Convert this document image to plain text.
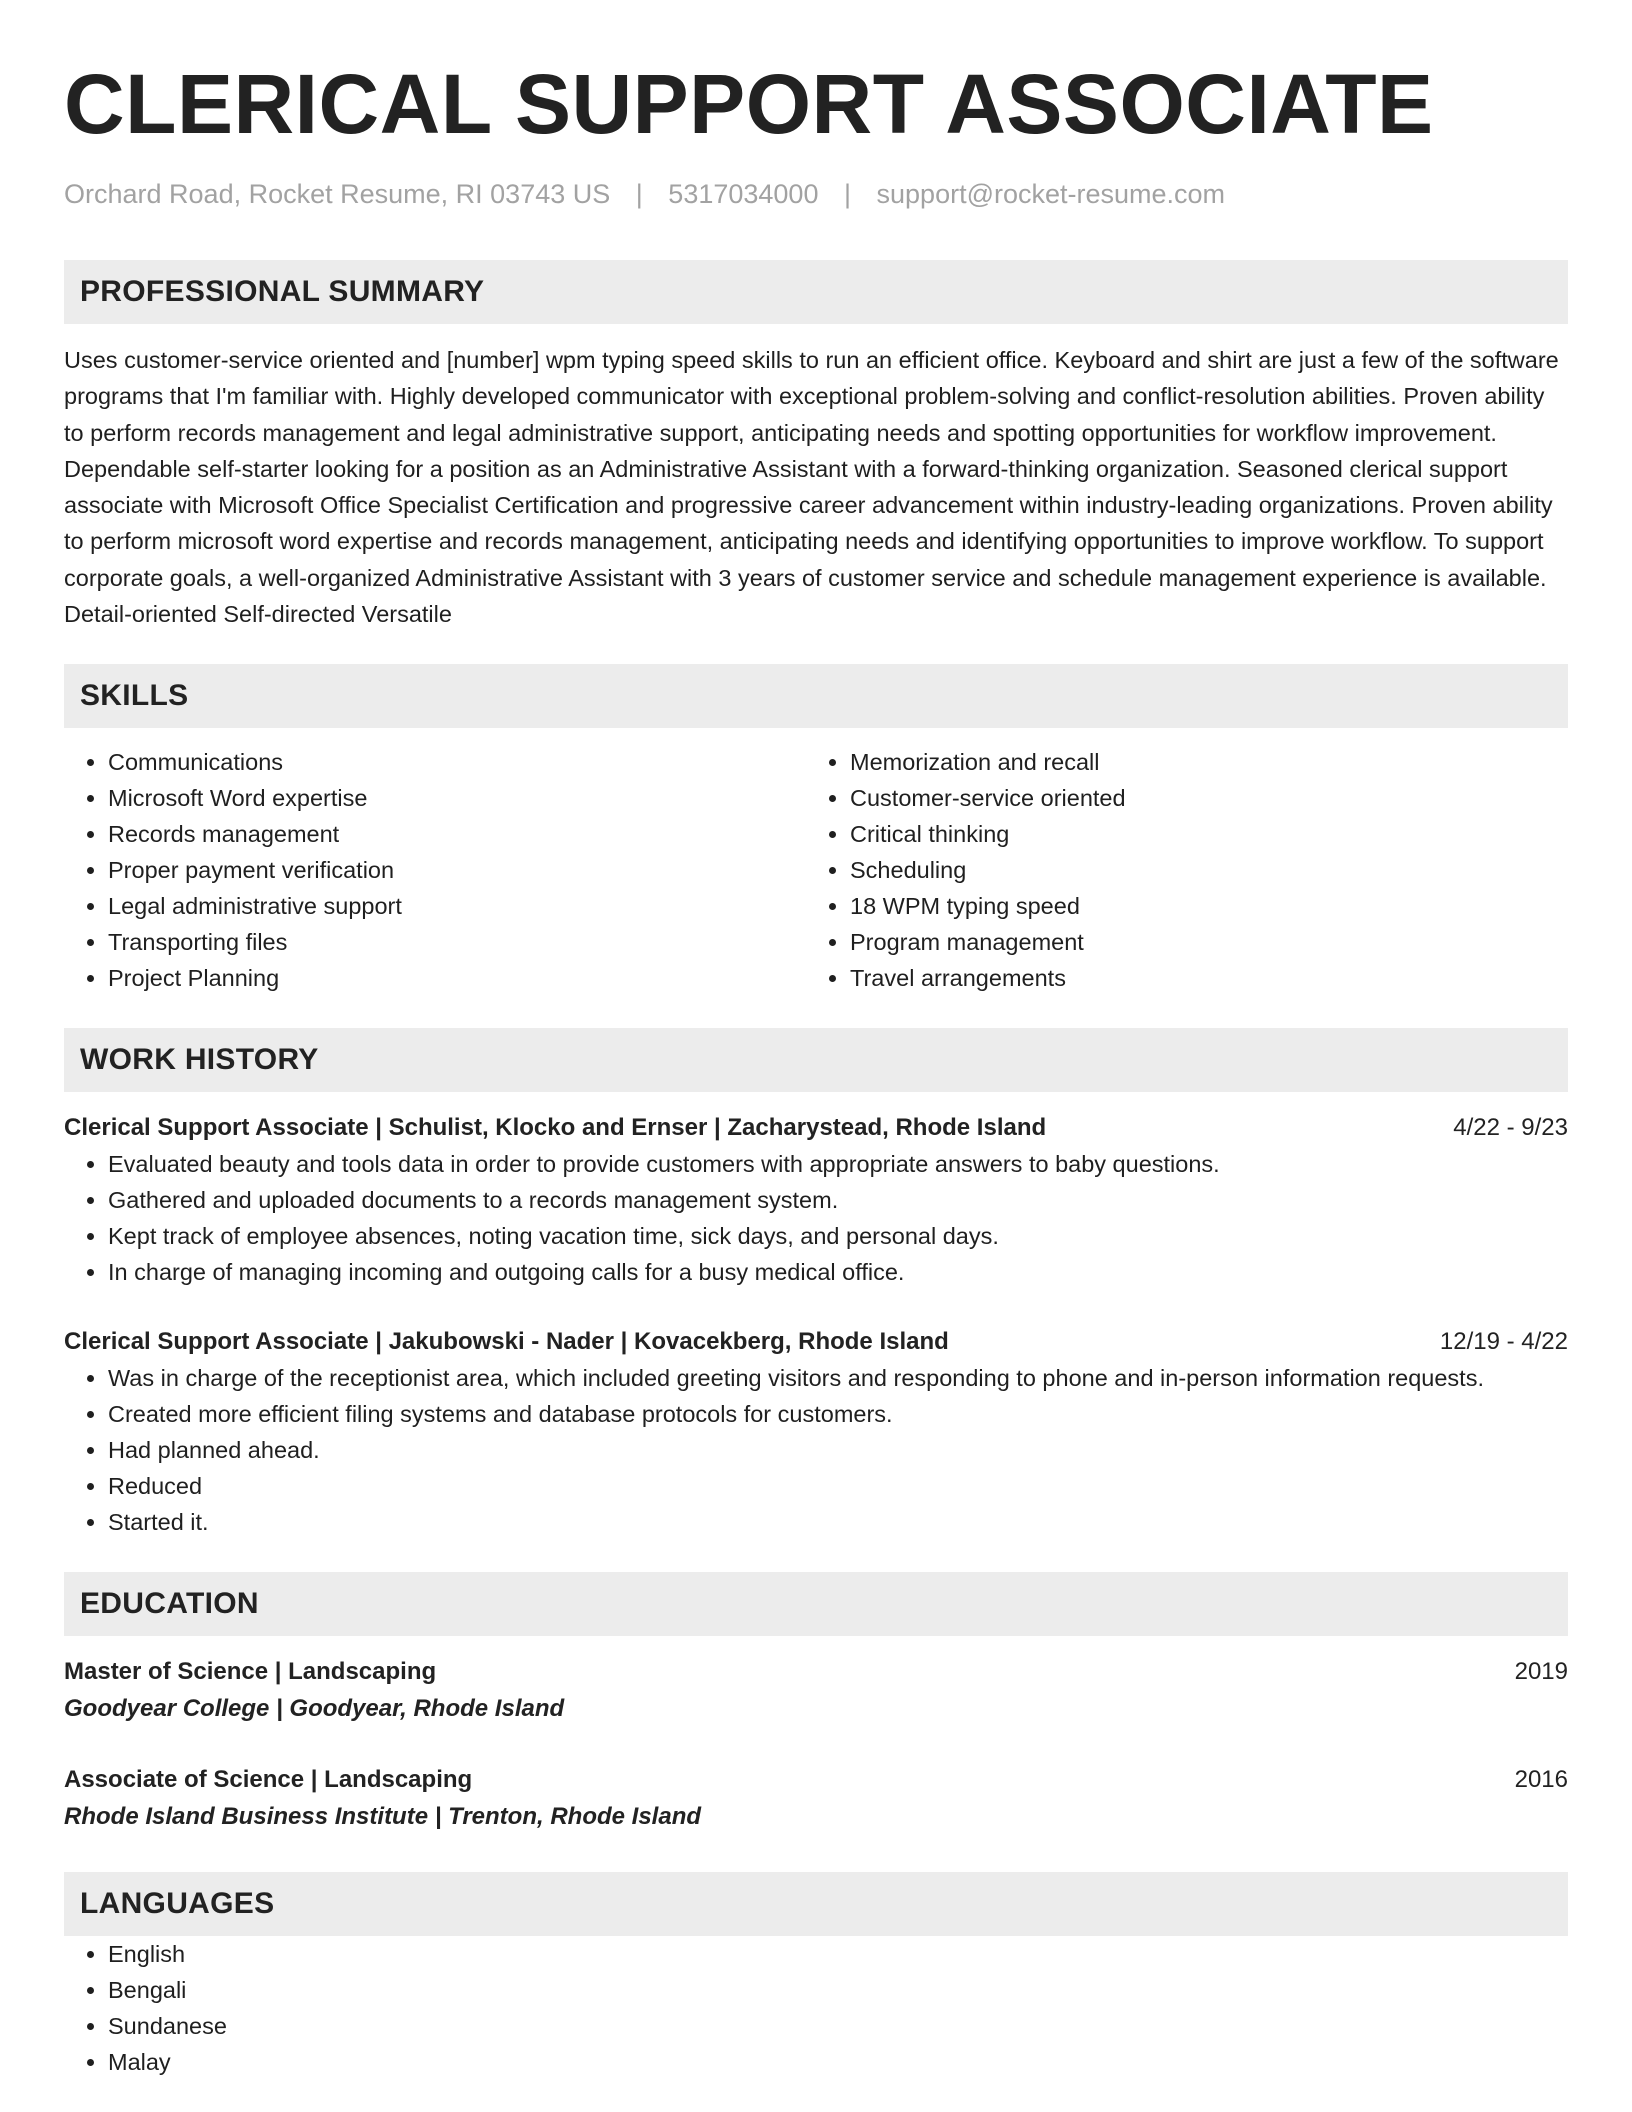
CLERICAL SUPPORT ASSOCIATE
Orchard Road, Rocket Resume, RI 03743 US | 5317034000 | support@rocket-resume.com
PROFESSIONAL SUMMARY
Uses customer-service oriented and [number] wpm typing speed skills to run an efficient office. Keyboard and shirt are just a few of the software programs that I'm familiar with. Highly developed communicator with exceptional problem-solving and conflict-resolution abilities. Proven ability to perform records management and legal administrative support, anticipating needs and spotting opportunities for workflow improvement. Dependable self-starter looking for a position as an Administrative Assistant with a forward-thinking organization. Seasoned clerical support associate with Microsoft Office Specialist Certification and progressive career advancement within industry-leading organizations. Proven ability to perform microsoft word expertise and records management, anticipating needs and identifying opportunities to improve workflow. To support corporate goals, a well-organized Administrative Assistant with 3 years of customer service and schedule management experience is available. Detail-oriented Self-directed Versatile
SKILLS
• Communications
• Microsoft Word expertise
• Records management
• Proper payment verification
• Legal administrative support
• Transporting files
• Project Planning
• Memorization and recall
• Customer-service oriented
• Critical thinking
• Scheduling
• 18 WPM typing speed
• Program management
• Travel arrangements
WORK HISTORY
Clerical Support Associate | Schulist, Klocko and Ernser | Zacharystead, Rhode Island	4/22 - 9/23
• Evaluated beauty and tools data in order to provide customers with appropriate answers to baby questions.
• Gathered and uploaded documents to a records management system.
• Kept track of employee absences, noting vacation time, sick days, and personal days.
• In charge of managing incoming and outgoing calls for a busy medical office.
Clerical Support Associate | Jakubowski - Nader | Kovacekberg, Rhode Island	12/19 - 4/22
• Was in charge of the receptionist area, which included greeting visitors and responding to phone and in-person information requests.
• Created more efficient filing systems and database protocols for customers.
• Had planned ahead.
• Reduced
• Started it.
EDUCATION
Master of Science | Landscaping	2019
Goodyear College | Goodyear, Rhode Island
Associate of Science | Landscaping	2016
Rhode Island Business Institute | Trenton, Rhode Island
LANGUAGES
• English
• Bengali
• Sundanese
• Malay
